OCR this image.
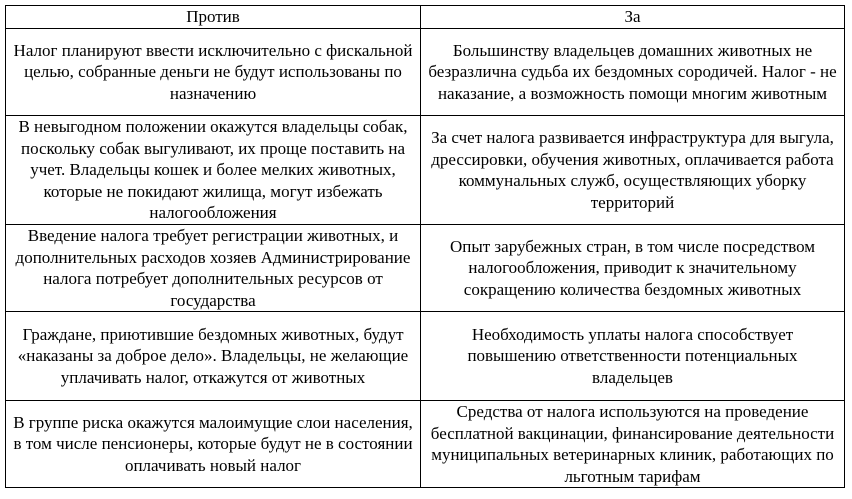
Против	За
Налог планируют ввести исключительно с фискальной целью, собранные деньги не будут использованы по назначению	Большинству владельцев домашних животных не безразлична судьба их бездомных сородичей. Налог - не наказание, а возможность помощи многим животным
В невыгодном положении окажутся владельцы собак, поскольку собак выгуливают, их проще поставить на учет. Владельцы кошек и более мелких животных, которые не покидают жилища, могут избежать налогообложения	За счет налога развивается инфраструктура для выгула, дрессировки, обучения животных, оплачивается работа коммунальных служб, осуществляющих уборку территорий
Введение налога требует регистрации животных, и дополнительных расходов хозяев Администрирование налога потребует дополнительных ресурсов от государства	Опыт зарубежных стран, в том числе посредством налогообложения, приводит к значительному сокращению количества бездомных животных
Граждане, приютившие бездомных животных, будут «наказаны за доброе дело». Владельцы, не желающие уплачивать налог, откажутся от животных	Необходимость уплаты налога способствует повышению ответственности потенциальных владельцев
В группе риска окажутся малоимущие слои населения, в том числе пенсионеры, которые будут не в состоянии оплачивать новый налог	Средства от налога используются на проведение бесплатной вакцинации, финансирование деятельности муниципальных ветеринарных клиник, работающих по льготным тарифам
